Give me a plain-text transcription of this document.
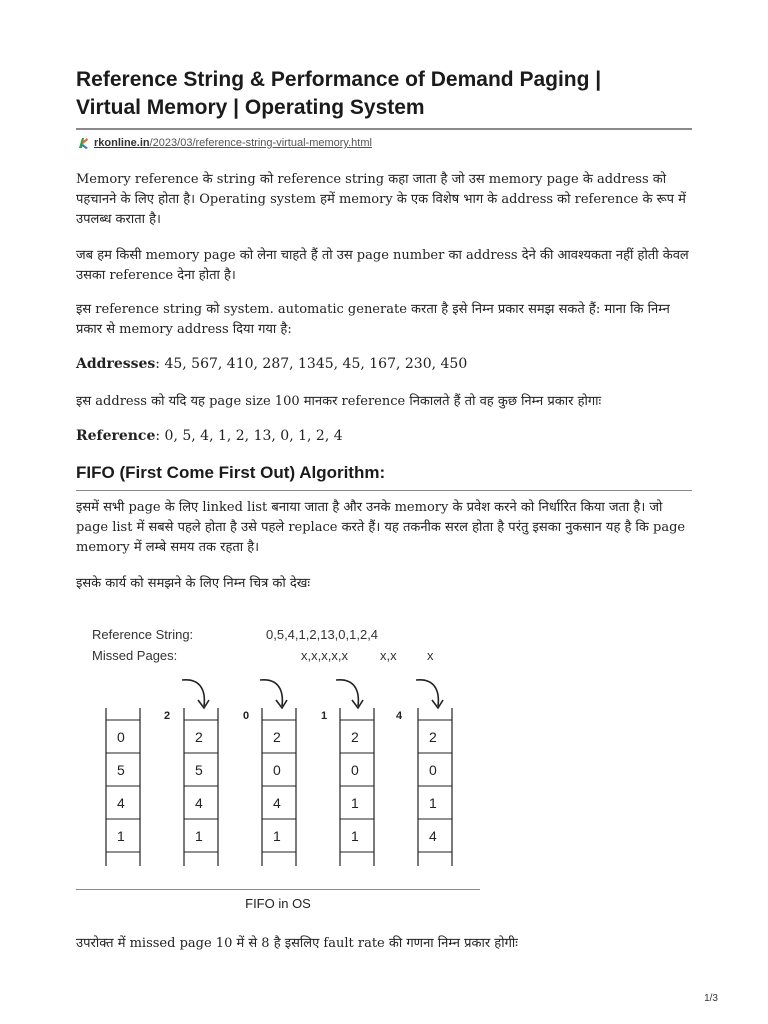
Reference String & Performance of Demand Paging |
Virtual Memory | Operating System
rkonline.in /2023/03/reference-string-virtual-memory.html

Memory reference के string को reference string कहा जाता है जो उस memory page के address को पहचानने के लिए होता है। Operating system हमें memory के एक विशेष भाग के address को reference के रूप में उपलब्ध कराता है।

जब हम किसी memory page को लेना चाहते हैं तो उस page number का address देने की आवश्यकता नहीं होती केवल उसका reference देना होता है।

इस reference string को system. automatic generate करता है इसे निम्न प्रकार समझ सकते हैं: माना कि निम्न प्रकार से memory address दिया गया है:

Addresses: 45, 567, 410, 287, 1345, 45, 167, 230, 450

इस address को यदि यह page size 100 मानकर reference निकालते हैं तो वह कुछ निम्न प्रकार होगाः

Reference: 0, 5, 4, 1, 2, 13, 0, 1, 2, 4
FIFO (First Come First Out) Algorithm:

इसमें सभी page के लिए linked list बनाया जाता है और उनके memory के प्रवेश करने को निर्धारित किया जता है। जो page list में सबसे पहले होता है उसे पहले replace करते हैं। यह तकनीक सरल होता है परंतु इसका नुकसान यह है कि page memory में लम्बे समय तक रहता है।

इसके कार्य को समझने के लिए निम्न चित्र को देखः

Reference String:	0,5,4,1,2,13,0,1,2,4
Missed Pages:	x,x,x,x,x x,x x
2	0	1	4
0
5
4
1
2
5
4
1
2
0
4
1
2
0
1
1
2
0
1
4
FIFO in OS

उपरोक्त में missed page 10 में से 8 है इसलिए fault rate की गणना निम्न प्रकार होगीः

1/3
